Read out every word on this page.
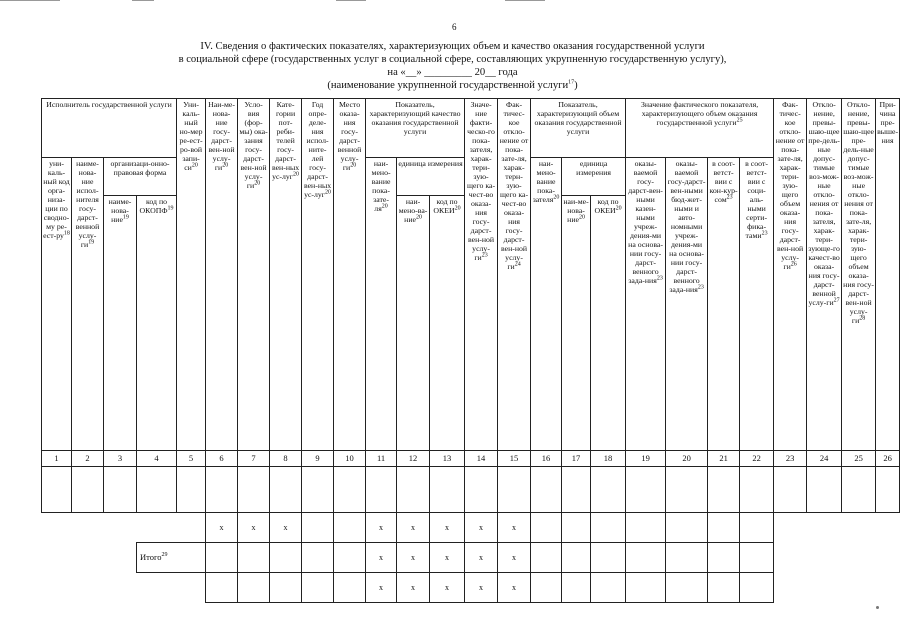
6
IV. Сведения о фактических показателях, характеризующих объем и качество оказания государственной услуги
в социальной сфере (государственных услуг в социальной сфере, составляющих укрупненную государственную услугу),
на «__» _________ 20__ года
(наименование укрупненной государственной услуги$^{17}$)
Исполнитель государственной услуги				Уни-каль-ный но-мер ре-ест-ро-вой запи-$си^{20}$	Наи-ме-нова-ние госу-дарст-вен-ной услу-$ги^{20}$	Усло-вия (фор-мы) ока-зания госу-дарст-вен-ной услу-$ги^{20}$	Кате-гории пот-реби-телей госу-дарст-вен-ных ус-луг$^{20}$	Год опре-деле-ния испол-ните-лей госу-дарст-вен-ных ус-луг$^{20}$	Место оказа-ния госу-дарст-венной услу-$ги^{20}$	Показатель, характеризующий качество оказания государственной услуги			Значе-ние факти-ческо-го пока-зателя, харак-тери-зую-щего ка-чест-во оказа-ния госу-дарст-вен-ной услу-$ги^{23}$	Фак-тичес-кое откло-нение от пока-зате-ля, харак-терн-зую-щего ка-чест-во оказа-ния госу-дарст-вен-ной услу-$ги^{24}$	Показатель, характеризующий объем оказания государственной услуги			Значение фактического показателя, характеризующего объем оказания государственной услуги$^{25}$				Фак-тичес-кое откло-нение от пока-зате-ля, харак-тери-зую-щего объем оказа-ния госу-дарст-вен-ной услу-$ги^{26}$	Откло-нение, превы-шаю-щее пре-дель-ные допус-тимые воз-мож-ные откло-нения от пока-зателя, харак-тери-зующе-го качест-во оказа-ния госу-дарст-венной услу-$ги^{27}$	Откло-нение, превы-шаю-щее пре-дель-ные допус-тимые воз-мож-ные откло-нения от пока-зате-ля, харак-тери-зую-щего объем оказа-ния госу-дарст-вен-ной услу-$ги^{28}$	При-чина пре-выше-ния
уни-каль-ный код орга-низа-ции по сводно-му $ре-ест-ру^{18}$	наиме-нова-ние испол-нителя госу-дарст-венной услу-$ги^{19}$	организаци-онно-правовая форма								наи-мено-вание пока-$зате-ля^{20}$	единица измерения				наи-мено-вание пока-зателя$^{20}$	единица измерения		оказы-ваемой госу-дарст-вен-ными казен-ными учреж-дения-ми на основа-нии госу-дарст-венного зада-ния$^{23}$	оказы-ваемой госу-дарст-вен-ными бюд-жет-ными и авто-номными учреж-дения-ми на основа-нии госу-дарст-венного зада-ния$^{23}$	в соот-ветст-вии с кон-кур-сом$^{23}$	в соот-ветст-вии с соци-аль-ными серти-фика-тами$^{23}$
		наиме-нова-ние$^{19}$	код по ОКОПФ$^{19}$								наи-мено-ва-ние$^{20}$	код по ОКЕИ$^{20}$				наи-ме-нова-ние$^{20}$	код по ОКЕИ$^{20}$
1	2	3	4	5	6	7	8	9	10	11	12	13	14	15	16	17	18	19	20	21	22	23	24	25	26

					х	х	х			х	х	х	х	х											
			Итого$^{29}$							х	х	х	х	х											
										х	х	х	х	х											
